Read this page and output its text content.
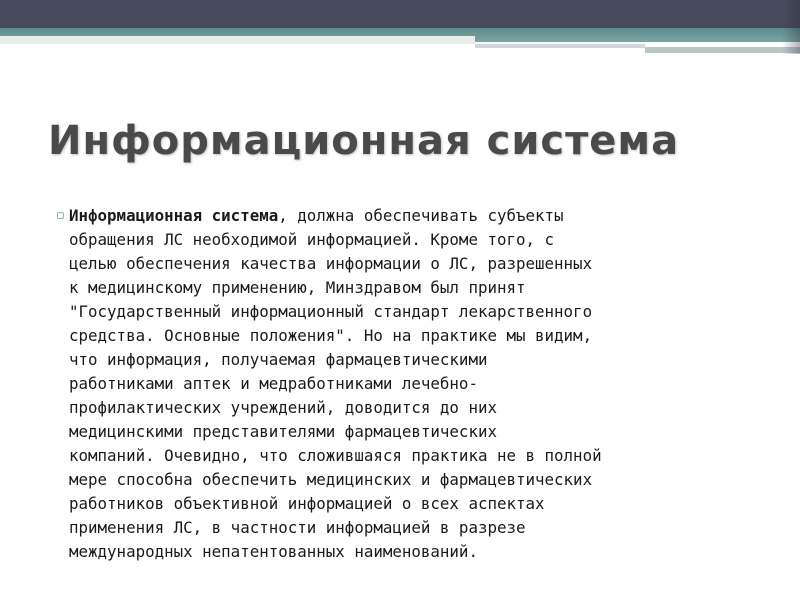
Информационная система
▫ Информационная система, должна обеспечивать субъекты
обращения ЛС необходимой информацией. Кроме того, с
целью обеспечения качества информации о ЛС, разрешенных
к медицинскому применению, Минздравом был принят
"Государственный информационный стандарт лекарственного
средства. Основные положения". Но на практике мы видим,
что информация, получаемая фармацевтическими
работниками аптек и медработниками лечебно-
профилактических учреждений, доводится до них
медицинскими представителями фармацевтических
компаний. Очевидно, что сложившаяся практика не в полной
мере способна обеспечить медицинских и фармацевтических
работников объективной информацией о всех аспектах
применения ЛС, в частности информацией в разрезе
международных непатентованных наименований.
